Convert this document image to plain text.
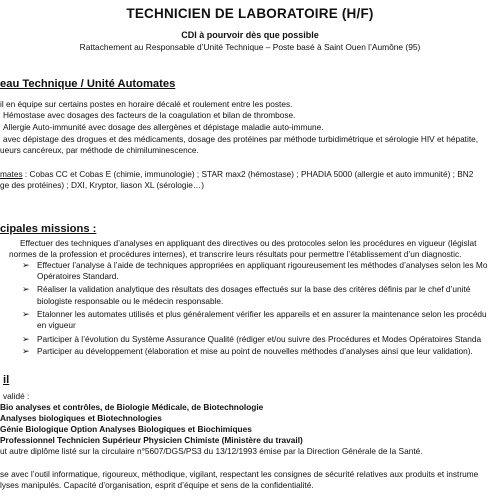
TECHNICIEN DE LABORATOIRE (H/F)
CDI à pourvoir dès que possible
Rattachement au Responsable d’Unité Technique – Poste basé à Saint Ouen l’Aumône (95)
eau Technique / Unité Automates
il en équipe sur certains postes en horaire décalé et roulement entre les postes.
Hémostase avec dosages des facteurs de la coagulation et bilan de thrombose.
Allergie Auto-immunité avec dosage des allergènes et dépistage maladie auto-immune.
avec dépistage des drogues et des médicaments, dosage des protéines par méthode turbidimétrique et sérologie HIV et hépatite,
ueurs cancéreux, par méthode de chimiluminescence.
mates : Cobas CC et Cobas E (chimie, immunologie) ; STAR max2 (hémostase) ; PHADIA 5000 (allergie et auto immunité) ; BN2
ge des protéines) ; DXI, Kryptor, liason XL (sérologie…)
cipales missions :
Effectuer des techniques d’analyses en appliquant des directives ou des protocoles selon les procédures en vigueur (législat
normes de la profession et procédures internes), et transcrire leurs résultats pour permettre l’établissement d’un diagnostic.
➢ Effectuer l’analyse à l’aide de techniques appropriées en appliquant rigoureusement les méthodes d’analyses selon les Mo
Opératoires Standard.
➢ Réaliser la validation analytique des résultats des dosages effectués sur la base des critères définis par le chef d’unité
biologiste responsable ou le médecin responsable.
➢ Etalonner les automates utilisés et plus généralement vérifier les appareils et en assurer la maintenance selon les procédu
en vigueur
➢ Participer à l’évolution du Système Assurance Qualité (rédiger et/ou suivre des Procédures et Modes Opératoires Standa
➢ Participer au développement (élaboration et mise au point de nouvelles méthodes d’analyses ainsi que leur validation).
il
validé :
Bio analyses et contrôles, de Biologie Médicale, de Biotechnologie
Analyses biologiques et Biotechnologies
Génie Biologique Option Analyses Biologiques et Biochimiques
Professionnel Technicien Supérieur Physicien Chimiste (Ministère du travail)
ut autre diplôme listé sur la circulaire n°5607/DGS/PS3 du 13/12/1993 émise par la Direction Générale de la Santé.
se avec l’outil informatique, rigoureux, méthodique, vigilant, respectant les consignes de sécurité relatives aux produits et instrume
lyses manipulés. Capacité d’organisation, esprit d’équipe et sens de la confidentialité.
